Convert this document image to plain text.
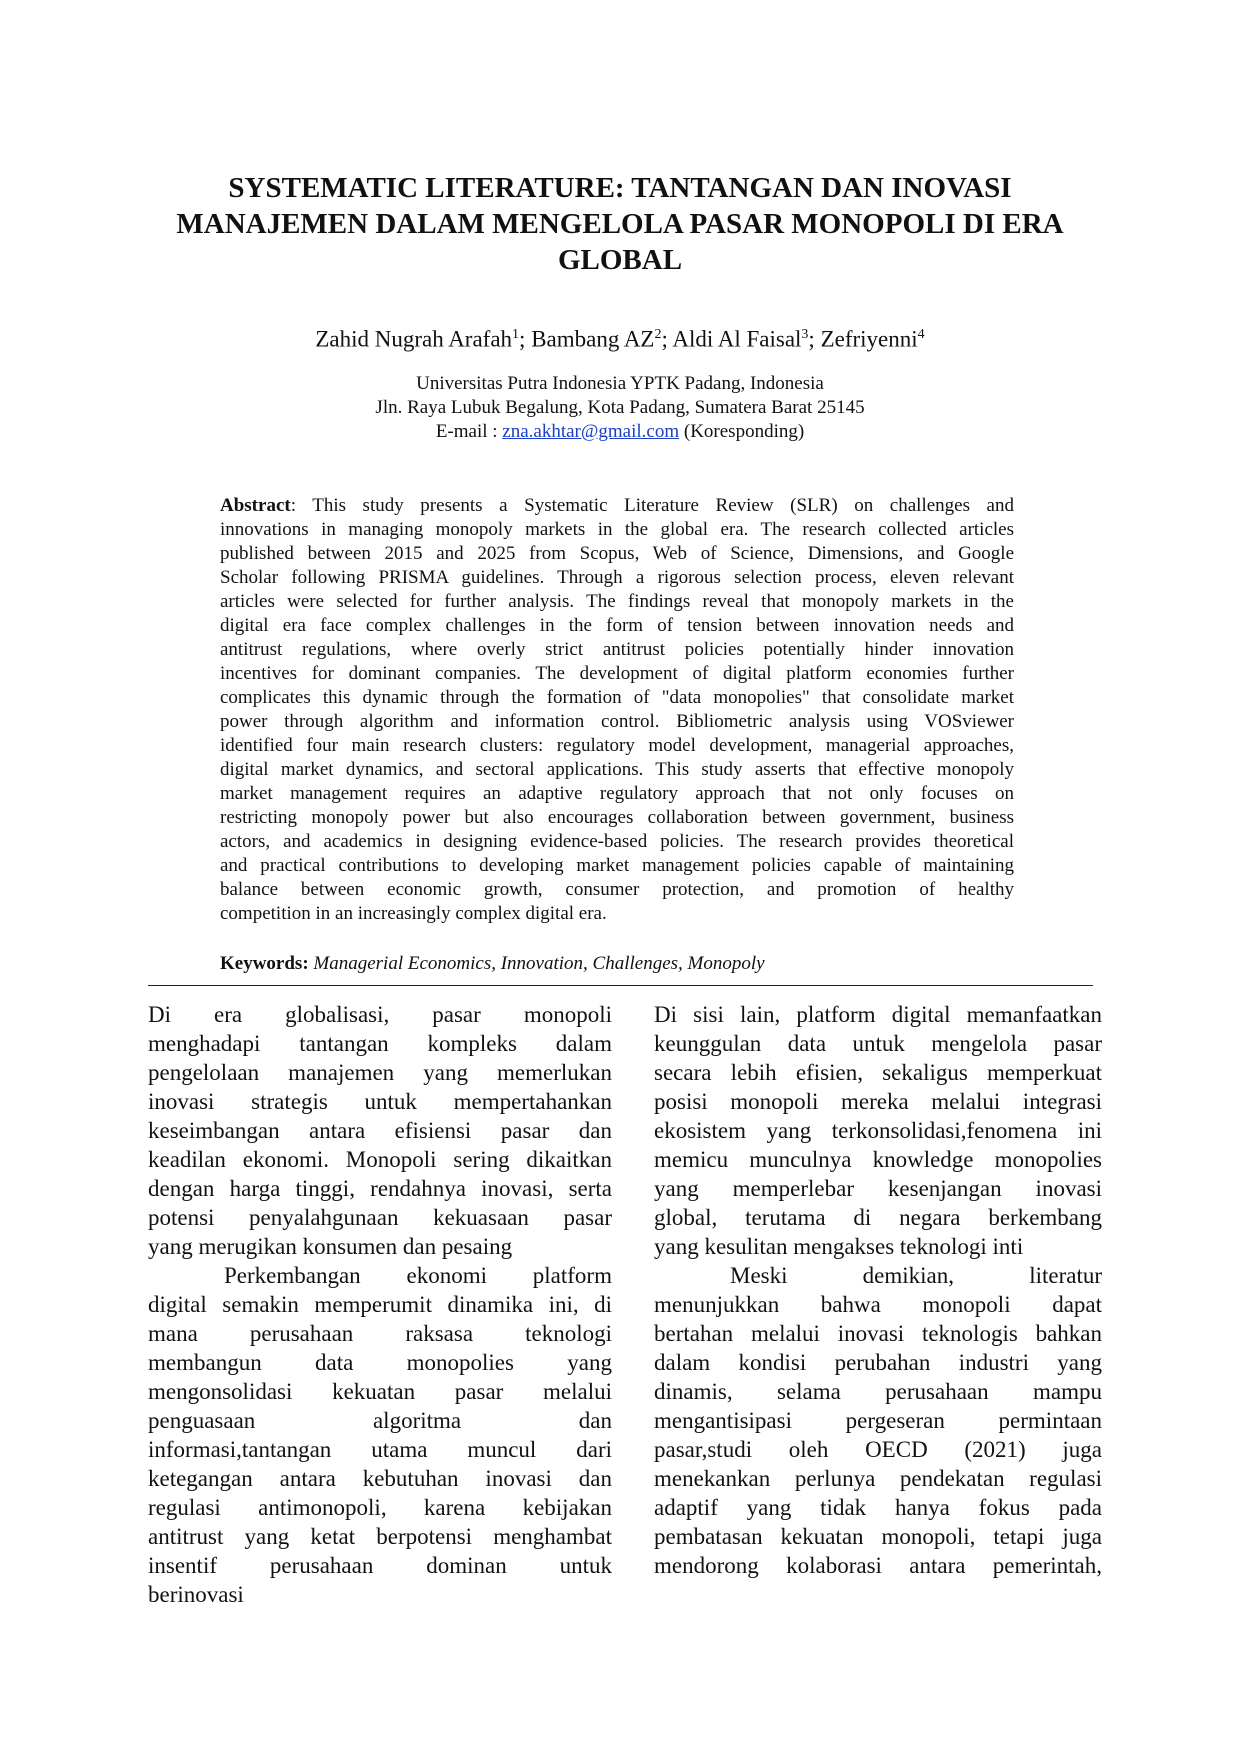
SYSTEMATIC LITERATURE: TANTANGAN DAN INOVASI
MANAJEMEN DALAM MENGELOLA PASAR MONOPOLI DI ERA
GLOBAL
Zahid Nugrah Arafah$^1$; Bambang $AZ^2$; Aldi Al Faisal$^3$; Zefriyenni$^4$
Universitas Putra Indonesia YPTK Padang, Indonesia
Jln. Raya Lubuk Begalung, Kota Padang, Sumatera Barat 25145
E-mail : zna.akhtar@gmail.com (Koresponding)
Abstract: This study presents a Systematic Literature Review (SLR) on challenges and
innovations in managing monopoly markets in the global era. The research collected articles
published between 2015 and 2025 from Scopus, Web of Science, Dimensions, and Google
Scholar following PRISMA guidelines. Through a rigorous selection process, eleven relevant
articles were selected for further analysis. The findings reveal that monopoly markets in the
digital era face complex challenges in the form of tension between innovation needs and
antitrust regulations, where overly strict antitrust policies potentially hinder innovation
incentives for dominant companies. The development of digital platform economies further
complicates this dynamic through the formation of "data monopolies" that consolidate market
power through algorithm and information control. Bibliometric analysis using VOSviewer
identified four main research clusters: regulatory model development, managerial approaches,
digital market dynamics, and sectoral applications. This study asserts that effective monopoly
market management requires an adaptive regulatory approach that not only focuses on
restricting monopoly power but also encourages collaboration between government, business
actors, and academics in designing evidence-based policies. The research provides theoretical
and practical contributions to developing market management policies capable of maintaining
balance between economic growth, consumer protection, and promotion of healthy
competition in an increasingly complex digital era.
Keywords: Managerial Economics, Innovation, Challenges, Monopoly
Di era globalisasi, pasar monopoli
menghadapi tantangan kompleks dalam
pengelolaan manajemen yang memerlukan
inovasi strategis untuk mempertahankan
keseimbangan antara efisiensi pasar dan
keadilan ekonomi. Monopoli sering dikaitkan
dengan harga tinggi, rendahnya inovasi, serta
potensi penyalahgunaan kekuasaan pasar
yang merugikan konsumen dan pesaing
Perkembangan ekonomi platform
digital semakin memperumit dinamika ini, di
mana perusahaan raksasa teknologi
membangun data monopolies yang
mengonsolidasi kekuatan pasar melalui
penguasaan algoritma dan
informasi,tantangan utama muncul dari
ketegangan antara kebutuhan inovasi dan
regulasi antimonopoli, karena kebijakan
antitrust yang ketat berpotensi menghambat
insentif perusahaan dominan untuk
berinovasi
Di sisi lain, platform digital memanfaatkan
keunggulan data untuk mengelola pasar
secara lebih efisien, sekaligus memperkuat
posisi monopoli mereka melalui integrasi
ekosistem yang terkonsolidasi,fenomena ini
memicu munculnya knowledge monopolies
yang memperlebar kesenjangan inovasi
global, terutama di negara berkembang
yang kesulitan mengakses teknologi inti
Meski demikian, literatur
menunjukkan bahwa monopoli dapat
bertahan melalui inovasi teknologis bahkan
dalam kondisi perubahan industri yang
dinamis, selama perusahaan mampu
mengantisipasi pergeseran permintaan
pasar,studi oleh OECD (2021) juga
menekankan perlunya pendekatan regulasi
adaptif yang tidak hanya fokus pada
pembatasan kekuatan monopoli, tetapi juga
mendorong kolaborasi antara pemerintah,
